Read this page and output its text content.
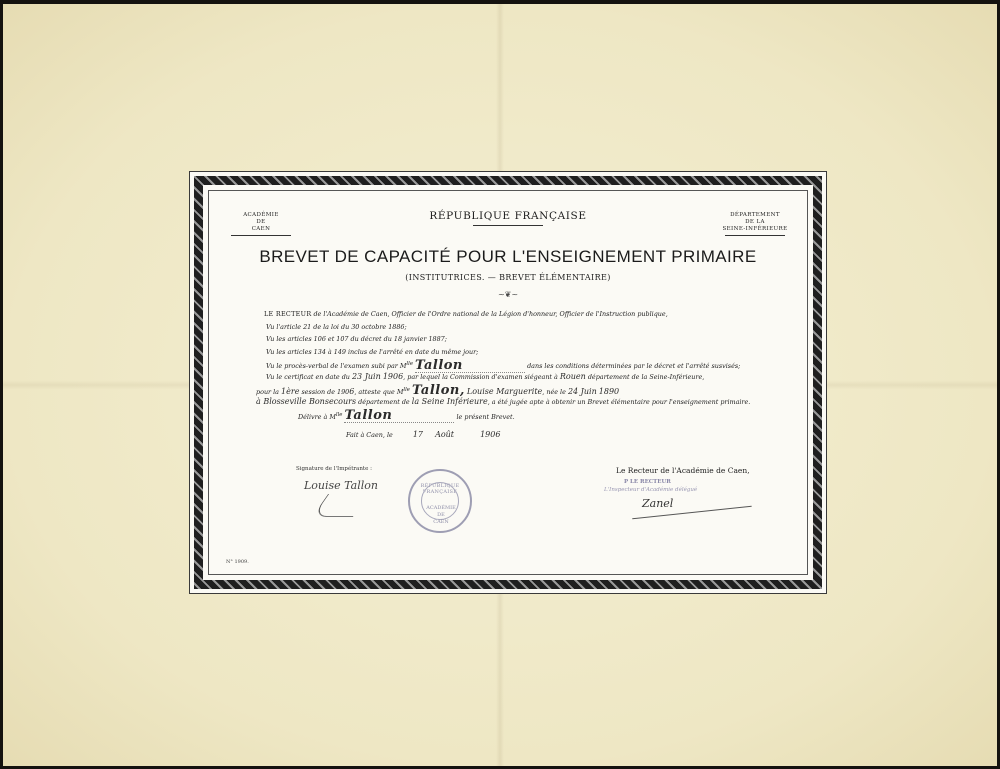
ACADÉMIE
DE
CAEN
DÉPARTEMENT
DE LA
SEINE-INFÉRIEURE
RÉPUBLIQUE FRANÇAISE
BREVET DE CAPACITÉ POUR L'ENSEIGNEMENT PRIMAIRE
(INSTITUTRICES. — BREVET ÉLÉMENTAIRE)
~❦~
LE RECTEUR de l'Académie de Caen, Officier de l'Ordre national de la Légion d'honneur, Officier de l'Instruction publique,
Vu l'article 21 de la loi du 30 octobre 1886;
Vu les articles 106 et 107 du décret du 18 janvier 1887;
Vu les articles 134 à 149 inclus de l'arrêté en date du même jour;
Vu le procès-verbal de l'examen subi par $M^{lle}$ Tallon	dans les conditions déterminées par le décret et l'arrêté susvisés;
Vu le certificat en date du 23 Juin 1906, par lequel la Commission d'examen siégeant à Rouen département de la Seine-Inférieure,
pour la 1ère session de 1906, atteste que $M^{lle}$ Tallon, Louise Marguerite, née le 24 Juin 1890
à Blosseville Bonsecours département de la Seine Inférieure, a été jugée apte à obtenir un Brevet élémentaire pour l'enseignement primaire.
Délivre à $M^{lle}$ Tallon	le présent Brevet.
Fait à Caen, le	17 Août	1906
Signature de l'Impétrante :
Louise Tallon	RÉPUBLIQUE FRANÇAISE
ACADÉMIE
DE
CAEN
Le Recteur de l'Académie de Caen,
P LE RECTEUR
L'Inspecteur d'Académie délégué
Zanel
N° 1909.
